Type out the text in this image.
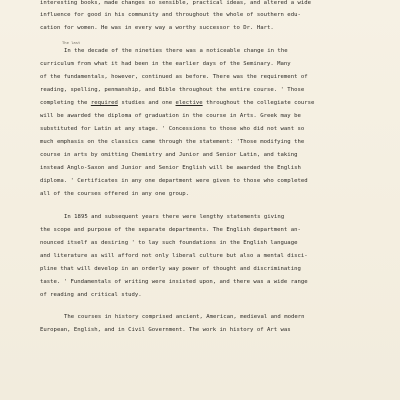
The last
interesting books, made changes so sensible, practical ideas, and altered a wide
influence for good in his community and throughout the whole of southern edu-
cation for women. He was in every way a worthy successor to Dr. Hart.
In the decade of the nineties there was a noticeable change in the
curriculum from what it had been in the earlier days of the Seminary. Many
of the fundamentals, however, continued as before. There was the requirement of
reading, spelling, penmanship, and Bible throughout the entire course. ' Those
completing the required studies and one elective throughout the collegiate course
will be awarded the diploma of graduation in the course in Arts. Greek may be
substituted for Latin at any stage. ' Concessions to those who did not want so
much emphasis on the classics came through the statement: 'Those modifying the
course in arts by omitting Chemistry and Junior and Senior Latin, and taking
instead Anglo-Saxon and Junior and Senior English will be awarded the English
diploma. ' Certificates in any one department were given to those who completed
all of the courses offered in any one group.
In 1895 and subsequent years there were lengthy statements giving
the scope and purpose of the separate departments. The English department an-
nounced itself as desiring ' to lay such foundations in the English language
and literature as will afford not only liberal culture but also a mental disci-
pline that will develop in an orderly way power of thought and discriminating
taste. ' Fundamentals of writing were insisted upon, and there was a wide range
of reading and critical study.
The courses in history comprised ancient, American, medieval and modern
European, English, and in Civil Government. The work in history of Art was
